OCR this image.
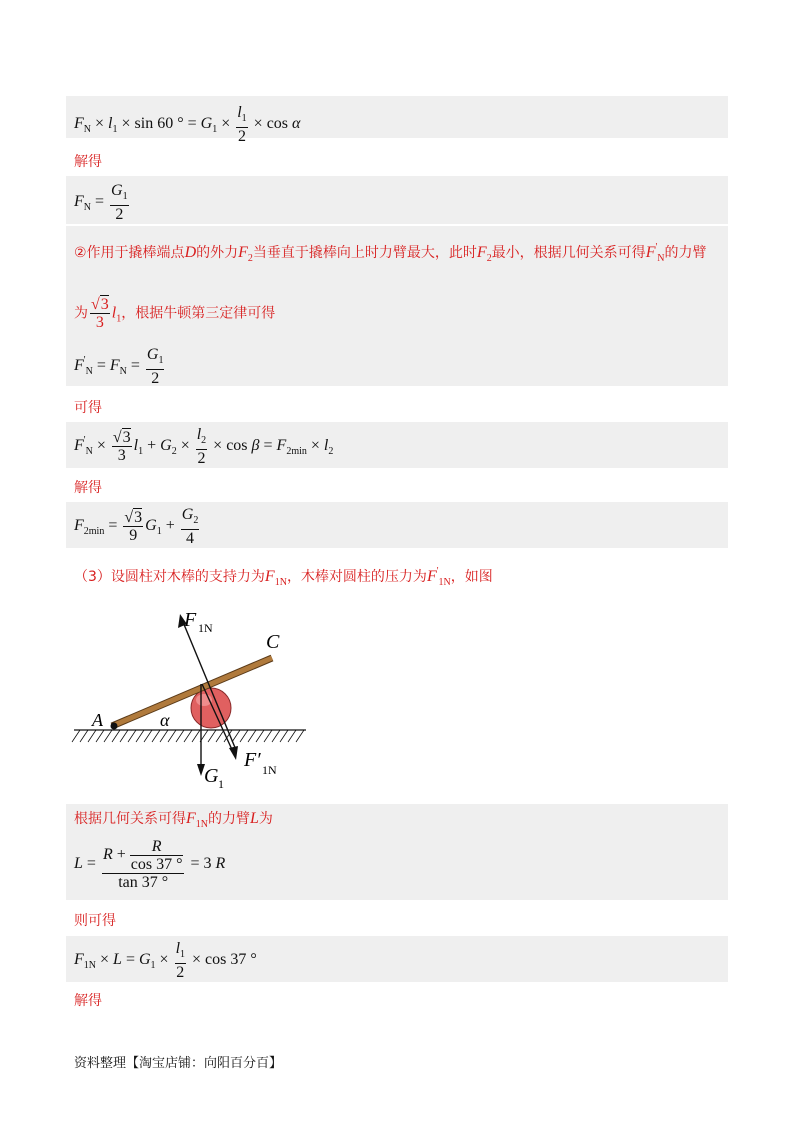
$F_N \times l_1 \times \sin 60$ ° = $G_1 \times \frac{l_1}{2} \times \cos \alpha$
解得
$F_N = \frac{G_1}{2}$
②作用于撬棒端点D的外力$F_2$当垂直于撬棒向上时力臂最大，此时$F_2$最小，根据几何关系可得$F'_N$的力臂
为 $\frac{√3}{3} l_1$，根据牛顿第三定律可得
$F'_N = F_N = \frac{G_1}{2}$
可得
$F'_N \times \frac{√3}{3} l_1 + G_2 \times \frac{l_2}{2} \times \cos \beta = F_{2min} \times l_2$
解得
$F_{2min} = \frac{√3}{9} G_1 + \frac{G_2}{4}$
（3）设圆柱对木棒的支持力为$F_{1N}$，木棒对圆柱的压力为$F'_{1N}$，如图
A
C
α
F 1N
F′ 1N
G 1
根据几何关系可得$F_{1N}$的力臂L为
$L = \frac{R + \frac{R}{\cos 37 ^\circ}}{\tan 37 ^\circ} = 3$ R
则可得
$F_{1N} \times L = G_1 \times \frac{l_1}{2} \times \cos 37$ °
解得
资料整理【淘宝店铺：向阳百分百】
